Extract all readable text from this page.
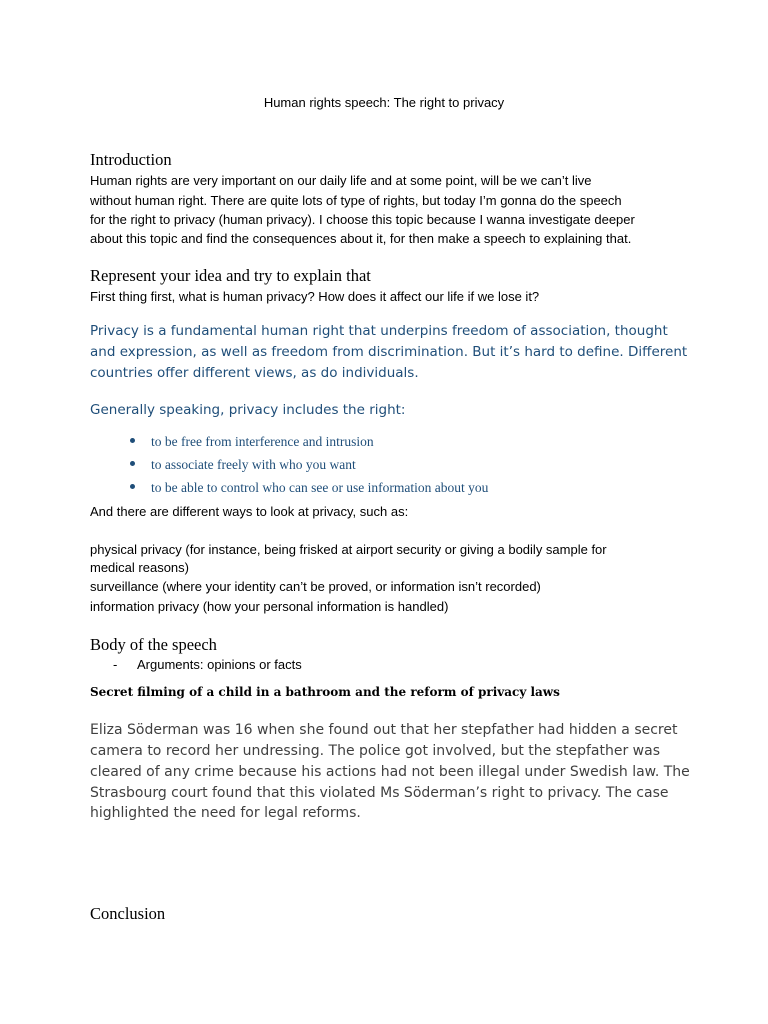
Human rights speech: The right to privacy
Introduction
Human rights are very important on our daily life and at some point, will be we can’t live
without human right. There are quite lots of type of rights, but today I’m gonna do the speech
for the right to privacy (human privacy). I choose this topic because I wanna investigate deeper
about this topic and find the consequences about it, for then make a speech to explaining that.
Represent your idea and try to explain that
First thing first, what is human privacy? How does it affect our life if we lose it?
Privacy is a fundamental human right that underpins freedom of association, thought
and expression, as well as freedom from discrimination. But it’s hard to define. Different
countries offer different views, as do individuals.
Generally speaking, privacy includes the right:
to be free from interference and intrusion
to associate freely with who you want
to be able to control who can see or use information about you
And there are different ways to look at privacy, such as:
physical privacy (for instance, being frisked at airport security or giving a bodily sample for
medical reasons)
surveillance (where your identity can’t be proved, or information isn’t recorded)
information privacy (how your personal information is handled)
Body of the speech
- Arguments: opinions or facts
Secret filming of a child in a bathroom and the reform of privacy laws
Eliza Söderman was 16 when she found out that her stepfather had hidden a secret
camera to record her undressing. The police got involved, but the stepfather was
cleared of any crime because his actions had not been illegal under Swedish law. The
Strasbourg court found that this violated Ms Söderman’s right to privacy. The case
highlighted the need for legal reforms.
Conclusion
